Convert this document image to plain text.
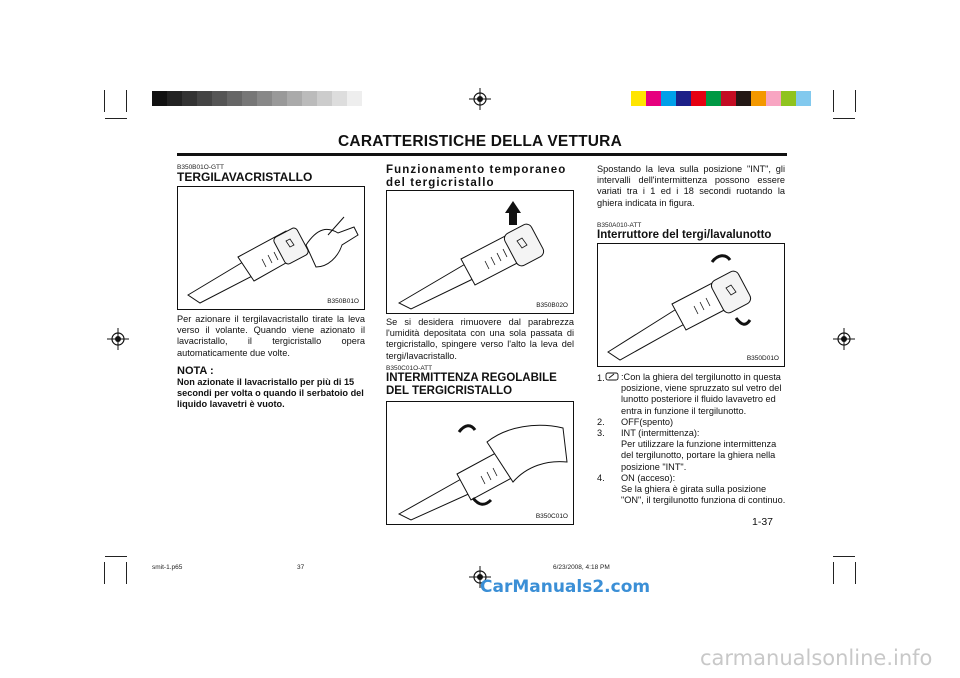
CARATTERISTICHE DELLA VETTURA
B350B01O-GTT
TERGILAVACRISTALLO
B350B01O
Per azionare il tergilavacristallo tirate la leva verso il volante. Quando viene azionato il lavacristallo, il tergicristallo opera automaticamente due volte.
NOTA :
Non azionate il lavacristallo per più di 15 secondi per volta o quando il serbatoio del liquido lavavetri è vuoto.
Funzionamento temporaneo del tergicristallo
B350B02O
Se si desidera rimuovere dal parabrezza l'umidità depositata con una sola passata di tergicristallo, spingere verso l'alto la leva del tergi/lavacristallo.
B350C01O-ATT
INTERMITTENZA REGOLABILE DEL TERGICRISTALLO
B350C01O
Spostando la leva sulla posizione "INT", gli intervalli dell'intermittenza possono essere variati tra i 1 ed i 18 secondi ruotando la ghiera indicata in figura.
B350A010-ATT
Interruttore del tergi/lavalunotto
B350D01O
1.	:Con la ghiera del tergilunotto in questa posizione, viene spruzzato sul vetro del lunotto posteriore il fluido lavavetro ed entra in funzione il tergilunotto.
2.	OFF(spento)
3.	INT (intermittenza):
Per utilizzare la funzione intermittenza del tergilunotto, portare la ghiera nella posizione "INT".
4.	ON (acceso):
Se la ghiera è girata sulla posizione "ON", il tergilunotto funziona di continuo.
1-37
smit-1.p65	37	6/23/2008, 4:18 PM
CarManuals2.com
carmanualsonline.info
